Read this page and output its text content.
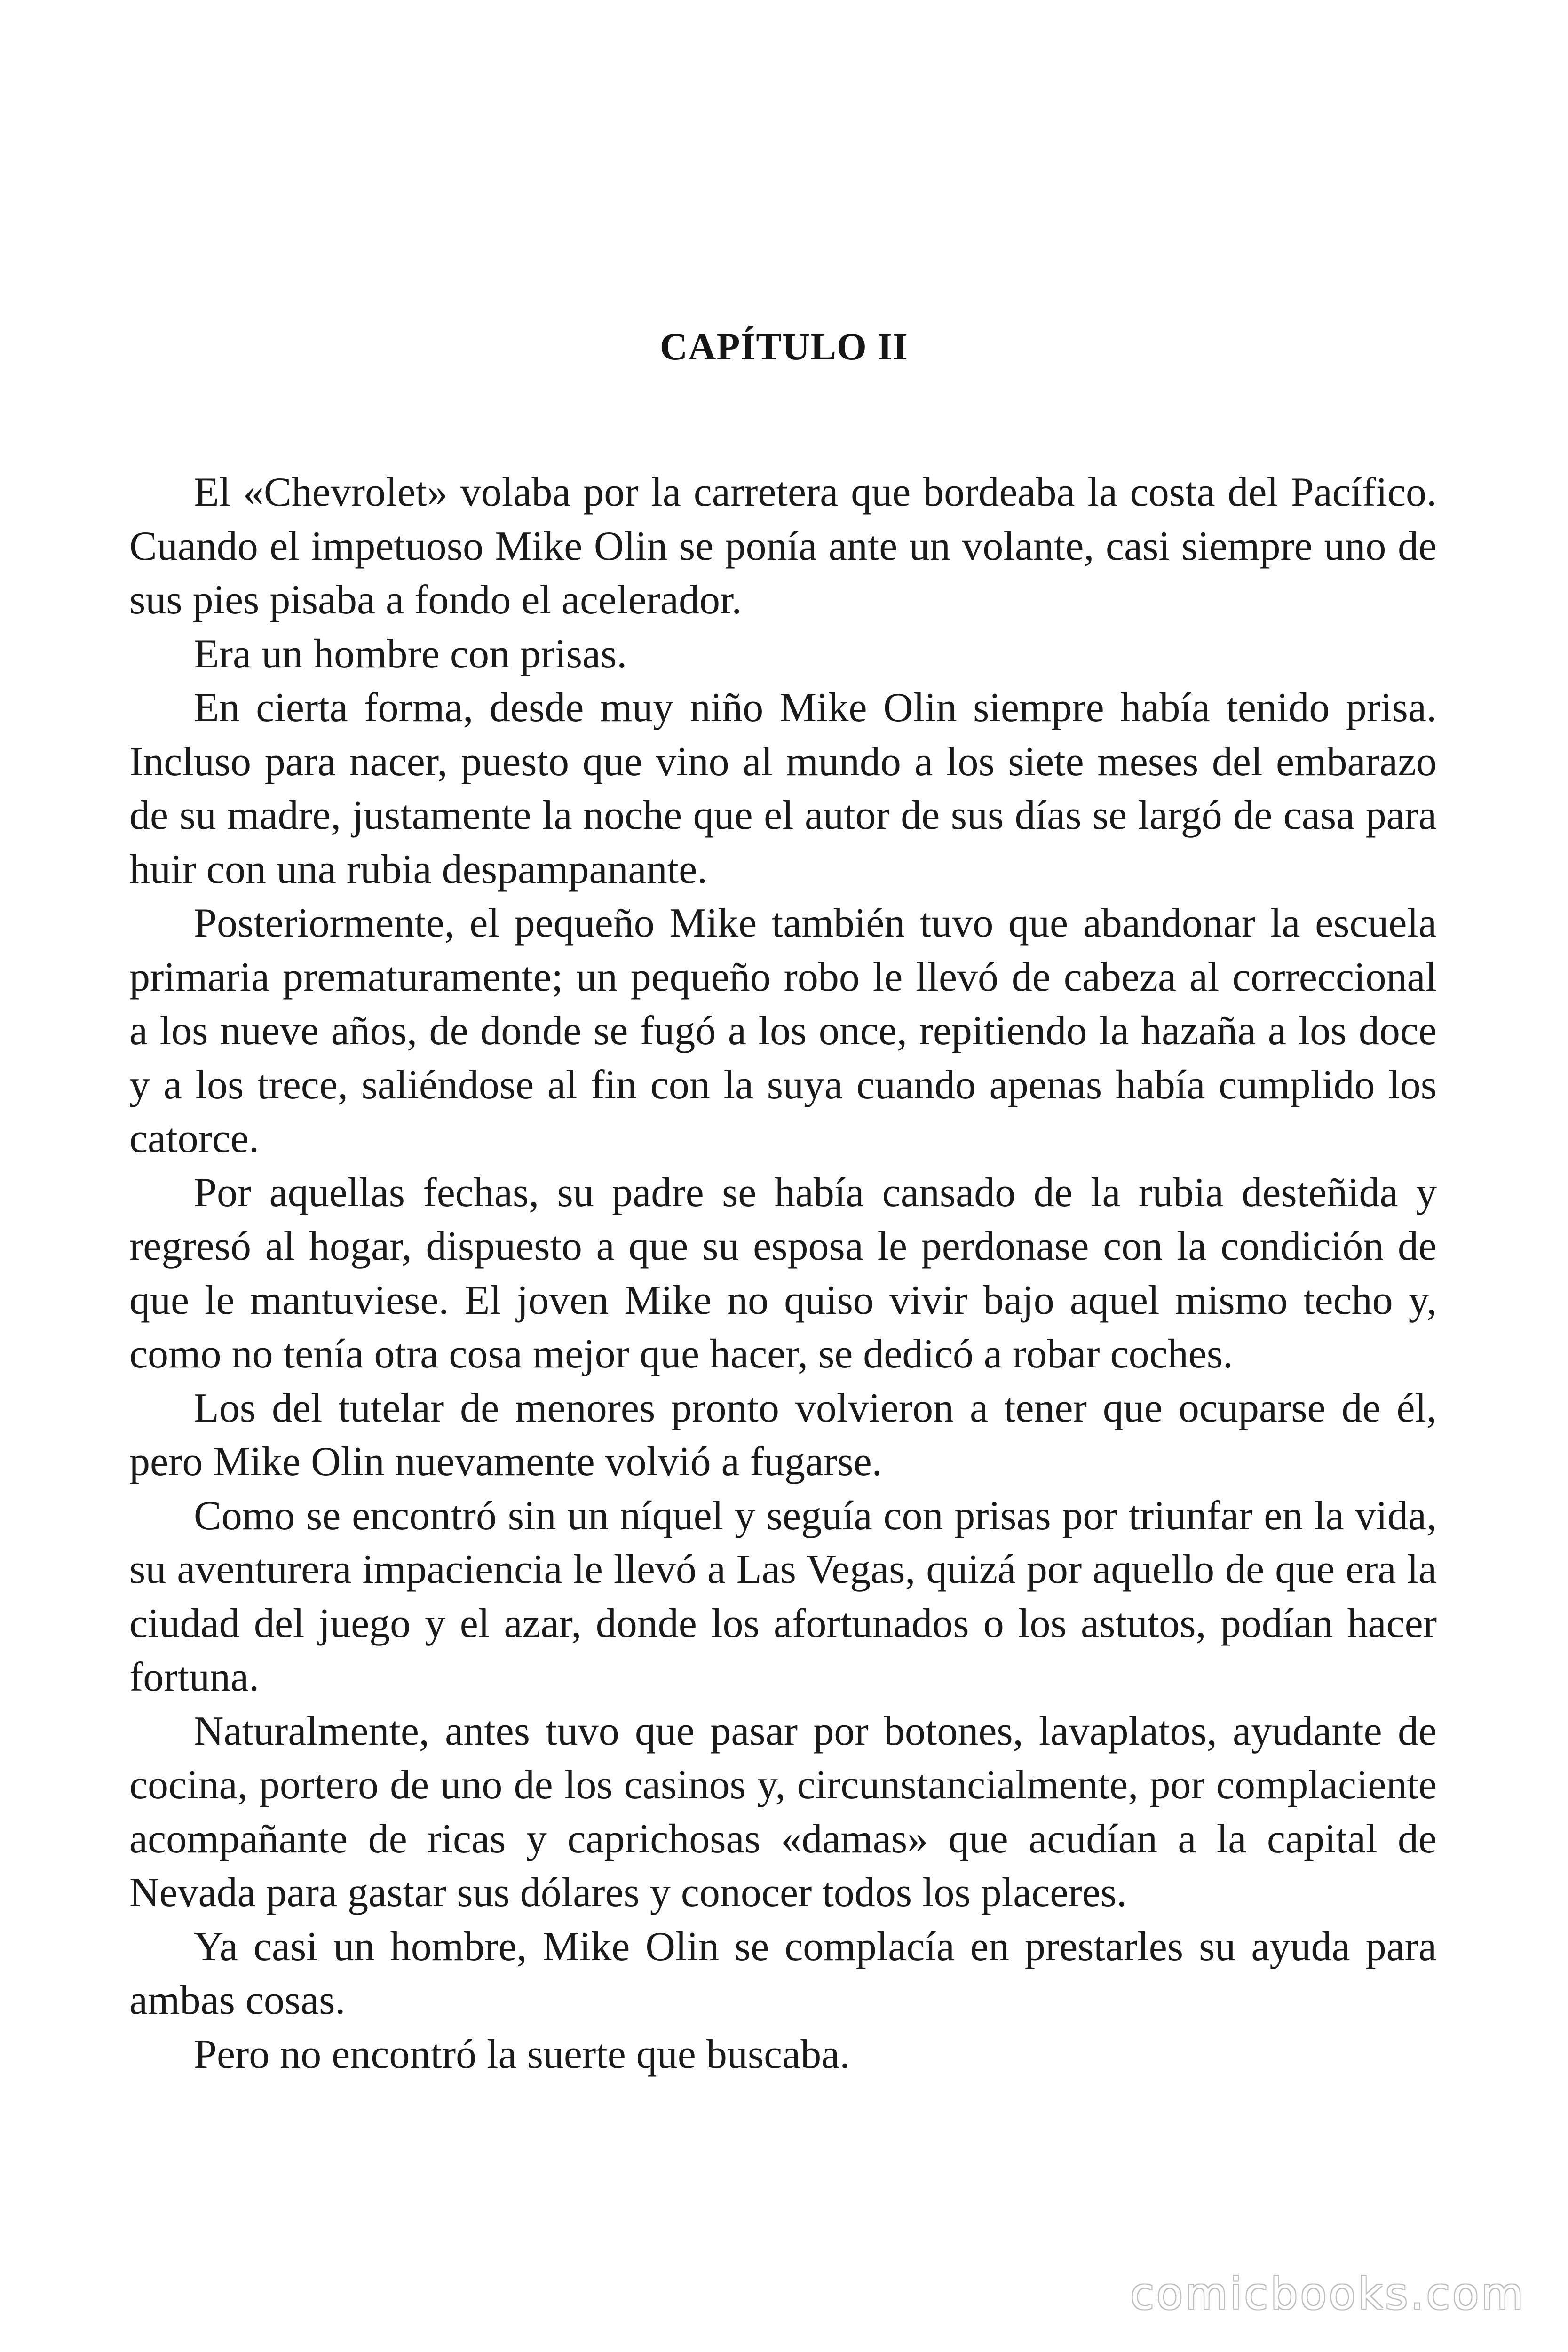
CAPÍTULO II

El «Chevrolet» volaba por la carretera que bordeaba la costa del Pacífico. Cuando el impetuoso Mike Olin se ponía ante un volante, casi siempre uno de sus pies pisaba a fondo el acelerador.

Era un hombre con prisas.

En cierta forma, desde muy niño Mike Olin siempre había tenido prisa. Incluso para nacer, puesto que vino al mundo a los siete meses del embarazo de su madre, justamente la noche que el autor de sus días se largó de casa para huir con una rubia despampanante.

Posteriormente, el pequeño Mike también tuvo que abandonar la escuela primaria prematuramente; un pequeño robo le llevó de cabeza al correccional a los nueve años, de donde se fugó a los once, repitiendo la hazaña a los doce y a los trece, saliéndose al fin con la suya cuando apenas había cumplido los catorce.

Por aquellas fechas, su padre se había cansado de la rubia desteñida y regresó al hogar, dispuesto a que su esposa le perdonase con la condición de que le mantuviese. El joven Mike no quiso vivir bajo aquel mismo techo y, como no tenía otra cosa mejor que hacer, se dedicó a robar coches.

Los del tutelar de menores pronto volvieron a tener que ocuparse de él, pero Mike Olin nuevamente volvió a fugarse.

Como se encontró sin un níquel y seguía con prisas por triunfar en la vida, su aventurera impaciencia le llevó a Las Vegas, quizá por aquello de que era la ciudad del juego y el azar, donde los afortunados o los astutos, podían hacer fortuna.

Naturalmente, antes tuvo que pasar por botones, lavaplatos, ayudante de cocina, portero de uno de los casinos y, circunstancialmente, por complaciente acompañante de ricas y caprichosas «damas» que acudían a la capital de Nevada para gastar sus dólares y conocer todos los placeres.

Ya casi un hombre, Mike Olin se complacía en prestarles su ayuda para ambas cosas.

Pero no encontró la suerte que buscaba.

comicbooks.com
